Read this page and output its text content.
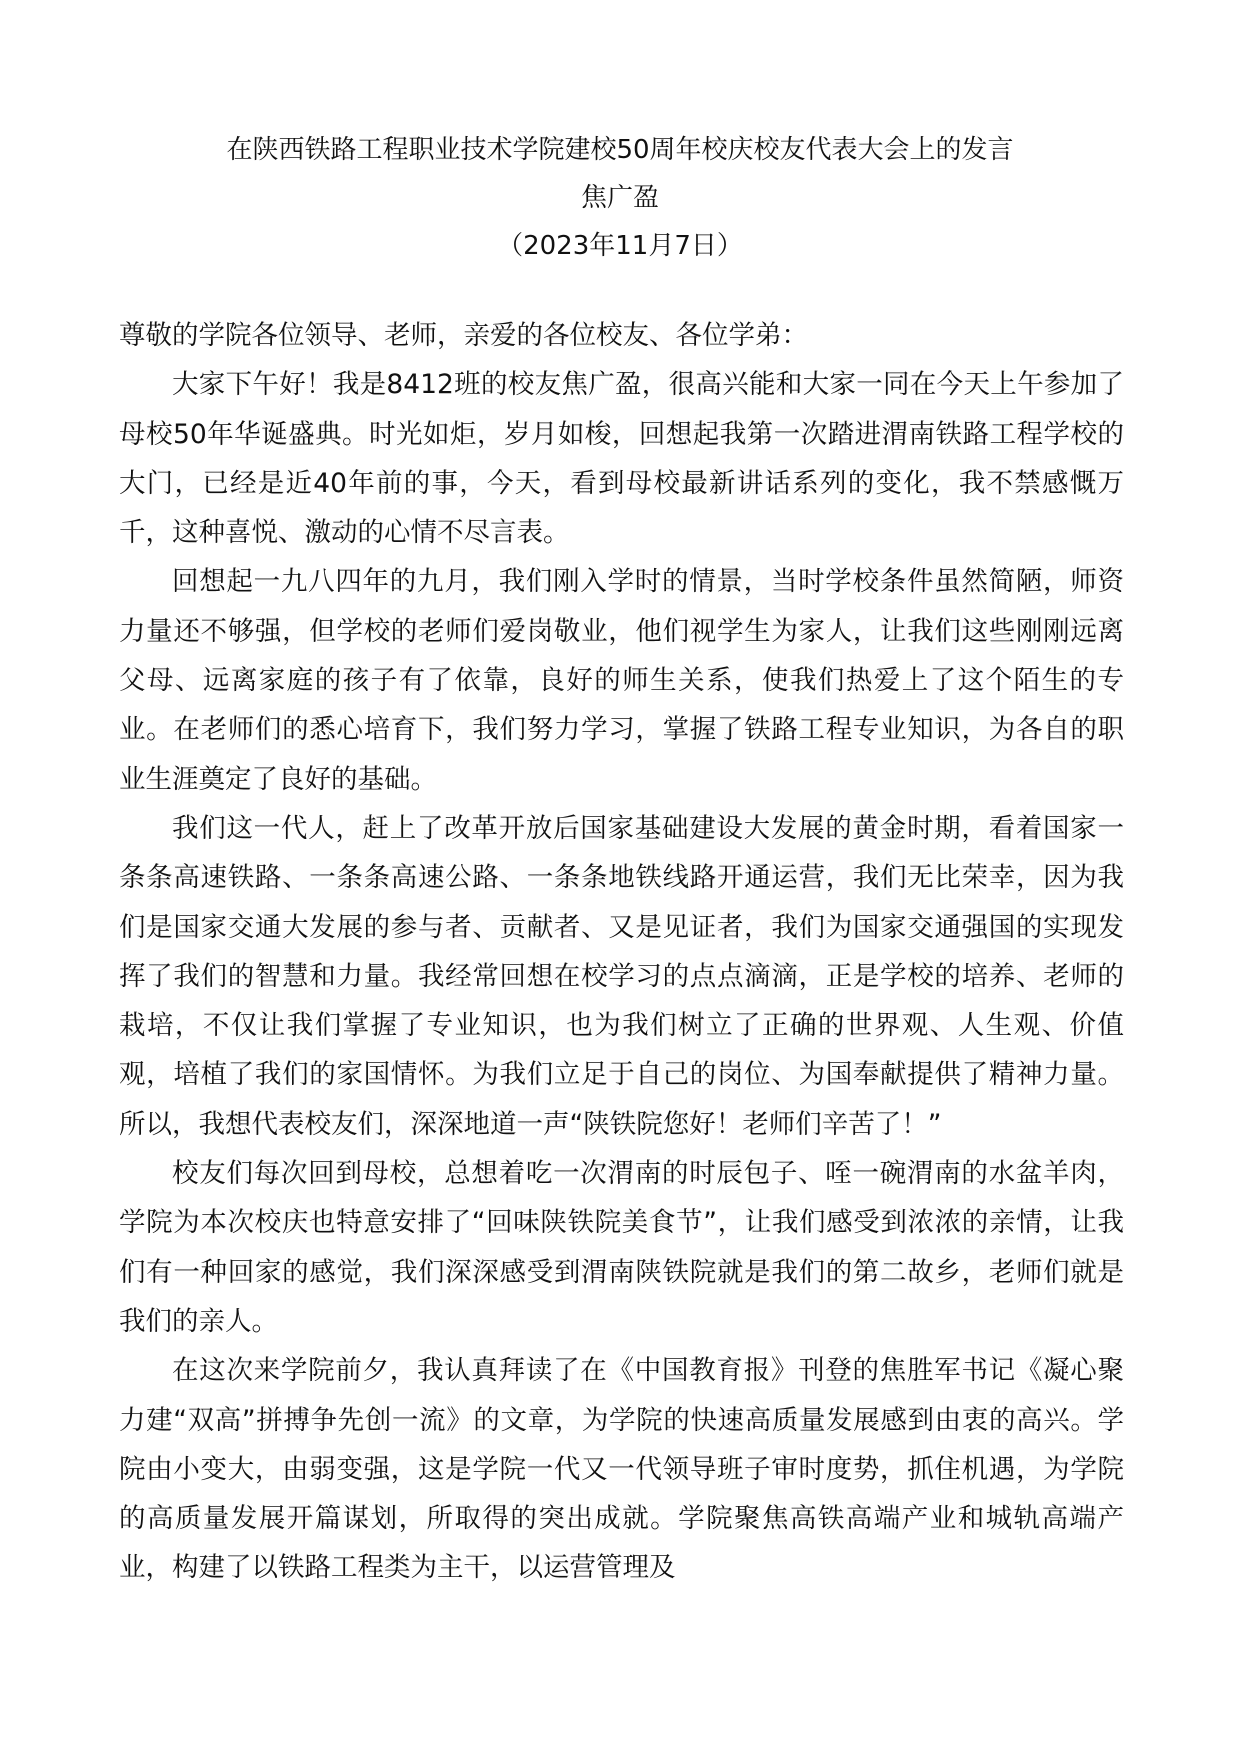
在陕西铁路工程职业技术学院建校50周年校庆校友代表大会上的发言

焦广盈

（2023年11月7日）

尊敬的学院各位领导、老师，亲爱的各位校友、各位学弟：

大家下午好！我是8412班的校友焦广盈，很高兴能和大家一同在今天上午参加了母校50年华诞盛典。时光如炬，岁月如梭，回想起我第一次踏进渭南铁路工程学校的大门，已经是近40年前的事，今天，看到母校最新讲话系列的变化，我不禁感慨万千，这种喜悦、激动的心情不尽言表。

回想起一九八四年的九月，我们刚入学时的情景，当时学校条件虽然简陋，师资力量还不够强，但学校的老师们爱岗敬业，他们视学生为家人，让我们这些刚刚远离父母、远离家庭的孩子有了依靠，良好的师生关系，使我们热爱上了这个陌生的专业。在老师们的悉心培育下，我们努力学习，掌握了铁路工程专业知识，为各自的职业生涯奠定了良好的基础。

我们这一代人，赶上了改革开放后国家基础建设大发展的黄金时期，看着国家一条条高速铁路、一条条高速公路、一条条地铁线路开通运营，我们无比荣幸，因为我们是国家交通大发展的参与者、贡献者、又是见证者，我们为国家交通强国的实现发挥了我们的智慧和力量。我经常回想在校学习的点点滴滴，正是学校的培养、老师的栽培，不仅让我们掌握了专业知识，也为我们树立了正确的世界观、人生观、价值观，培植了我们的家国情怀。为我们立足于自己的岗位、为国奉献提供了精神力量。所以，我想代表校友们，深深地道一声“陕铁院您好！老师们辛苦了！”

校友们每次回到母校，总想着吃一次渭南的时辰包子、咥一碗渭南的水盆羊肉，学院为本次校庆也特意安排了“回味陕铁院美食节”，让我们感受到浓浓的亲情，让我们有一种回家的感觉，我们深深感受到渭南陕铁院就是我们的第二故乡，老师们就是我们的亲人。

在这次来学院前夕，我认真拜读了在《中国教育报》刊登的焦胜军书记《凝心聚力建“双高”拼搏争先创一流》的文章，为学院的快速高质量发展感到由衷的高兴。学院由小变大，由弱变强，这是学院一代又一代领导班子审时度势，抓住机遇，为学院的高质量发展开篇谋划，所取得的突出成就。学院聚焦高铁高端产业和城轨高端产业，构建了以铁路工程类为主干，以运营管理及
